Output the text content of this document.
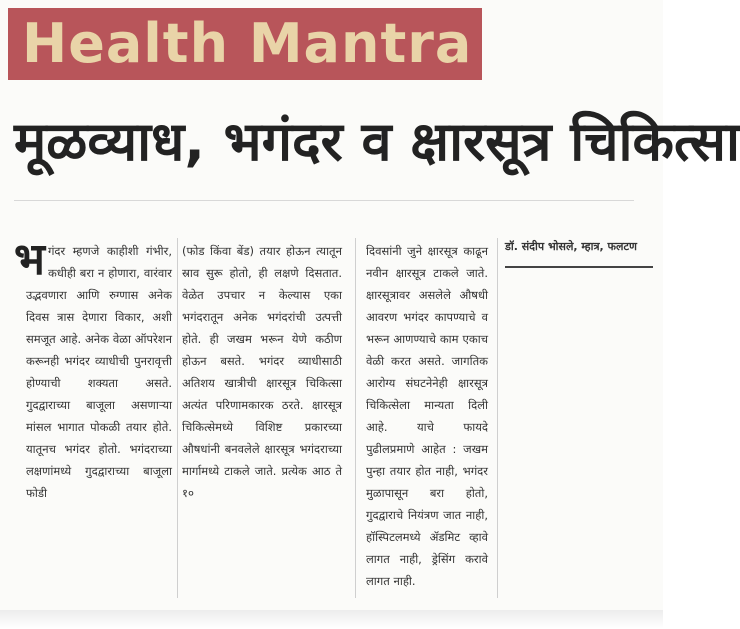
Health Mantra
मूळव्याध, भगंदर व क्षारसूत्र चिकित्सा
भ गंदर म्हणजे काहीशी गंभीर, कधीही बरा न होणारा, वारंवार उद्भवणारा आणि रुग्णास अनेक दिवस त्रास देणारा विकार, अशी समजूत आहे. अनेक वेळा ऑपरेशन करूनही भगंदर व्याधीची पुनरावृत्ती होण्याची शक्यता असते. गुदद्वाराच्या बाजूला असणाऱ्या मांसल भागात पोकळी तयार होते. यातूनच भगंदर होतो. भगंदराच्या लक्षणांमध्ये गुदद्वाराच्या बाजूला फोडी

(फोड किंवा बेंड) तयार होऊन त्यातून स्राव सुरू होतो, ही लक्षणे दिसतात. वेळेत उपचार न केल्यास एका भगंदरातून अनेक भगंदरांची उत्पत्ती होते. ही जखम भरून येणे कठीण होऊन बसते. भगंदर व्याधीसाठी अतिशय खात्रीची क्षारसूत्र चिकित्सा अत्यंत परिणामकारक ठरते. क्षारसूत्र चिकित्सेमध्ये विशिष्ट प्रकारच्या औषधांनी बनवलेले क्षारसूत्र भगंदराच्या मार्गामध्ये टाकले जाते. प्रत्येक आठ ते १०

दिवसांनी जुने क्षारसूत्र काढून नवीन क्षारसूत्र टाकले जाते. क्षारसूत्रावर असलेले औषधी आवरण भगंदर कापण्याचे व भरून आणण्याचे काम एकाच वेळी करत असते. जागतिक आरोग्य संघटनेनेही क्षारसूत्र चिकित्सेला मान्यता दिली आहे. याचे फायदे पुढीलप्रमाणे आहेत : जखम पुन्हा तयार होत नाही, भगंदर मुळापासून बरा होतो, गुदद्वाराचे नियंत्रण जात नाही, हॉस्पिटलमध्ये ॲडमिट व्हावे लागत नाही, ड्रेसिंग करावे लागत नाही.

डॉ. संदीप भोसले, म्हात्र, फलटण
